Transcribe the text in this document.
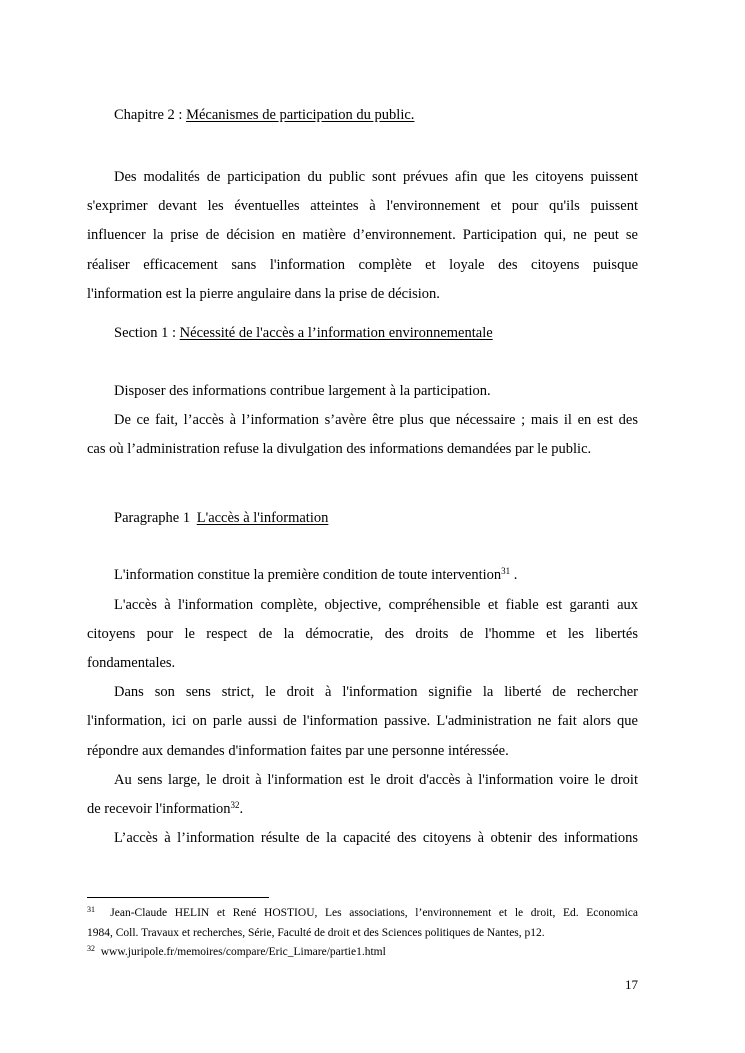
Chapitre 2 : Mécanismes de participation du public.
Des modalités de participation du public sont prévues afin que les citoyens puissent
s'exprimer devant les éventuelles atteintes à l'environnement et pour qu'ils puissent
influencer la prise de décision en matière d’environnement. Participation qui, ne peut se
réaliser efficacement sans l'information complète et loyale des citoyens puisque
l'information est la pierre angulaire dans la prise de décision.
Section 1 : Nécessité de l'accès a l’information environnementale
Disposer des informations contribue largement à la participation.
De ce fait, l’accès à l’information s’avère être plus que nécessaire ; mais il en est des
cas où l’administration refuse la divulgation des informations demandées par le public.
Paragraphe 1 L'accès à l'information
L'information constitue la première condition de toute intervention$^{31}$ .
L'accès à l'information complète, objective, compréhensible et fiable est garanti aux
citoyens pour le respect de la démocratie, des droits de l'homme et les libertés
fondamentales.
Dans son sens strict, le droit à l'information signifie la liberté de rechercher
l'information, ici on parle aussi de l'information passive. L'administration ne fait alors que
répondre aux demandes d'information faites par une personne intéressée.
Au sens large, le droit à l'information est le droit d'accès à l'information voire le droit
de recevoir l'information$^{32}$.
L’accès à l’information résulte de la capacité des citoyens à obtenir des informations
$^{31}$ Jean-Claude HELIN et René HOSTIOU, Les associations, l’environnement et le droit, Ed. Economica
1984, Coll. Travaux et recherches, Série, Faculté de droit et des Sciences politiques de Nantes, p12.
$^{32}$ www.juripole.fr/memoires/compare/Eric_Limare/partie1.html
17
